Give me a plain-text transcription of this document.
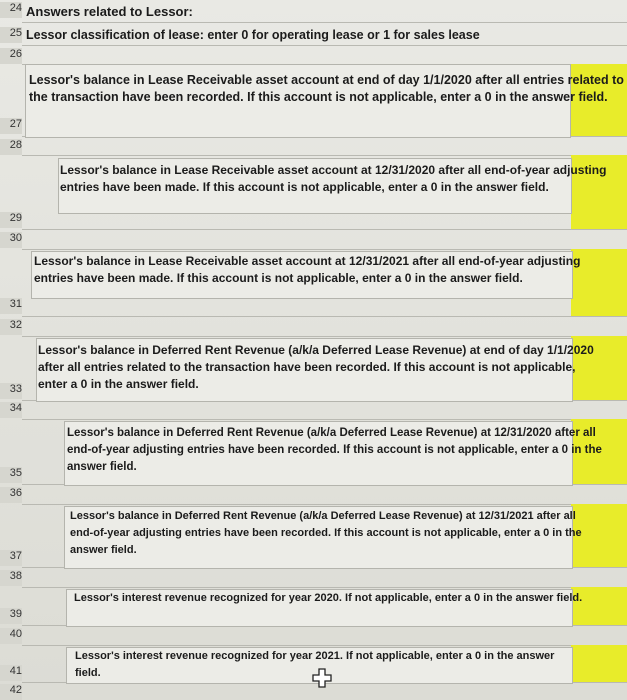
24
25
26
27
28
29
30
31
32
33
34
35
36
37
38
39
40
41
42
Answers related to Lessor:
Lessor classification of lease: enter 0 for operating lease or 1 for sales lease
Lessor's balance in Lease Receivable asset account at end of day 1/1/2020 after all entries related to the transaction have been recorded. If this account is not applicable, enter a 0 in the answer field.
Lessor's balance in Lease Receivable asset account at 12/31/2020 after all end-of-year adjusting entries have been made. If this account is not applicable, enter a 0 in the answer field.
Lessor's balance in Lease Receivable asset account at 12/31/2021 after all end-of-year adjusting entries have been made. If this account is not applicable, enter a 0 in the answer field.
Lessor's balance in Deferred Rent Revenue (a/k/a Deferred Lease Revenue) at end of day 1/1/2020 after all entries related to the transaction have been recorded. If this account is not applicable, enter a 0 in the answer field.
Lessor's balance in Deferred Rent Revenue (a/k/a Deferred Lease Revenue) at 12/31/2020 after all end-of-year adjusting entries have been recorded. If this account is not applicable, enter a 0 in the answer field.
Lessor's balance in Deferred Rent Revenue (a/k/a Deferred Lease Revenue) at 12/31/2021 after all end-of-year adjusting entries have been recorded. If this account is not applicable, enter a 0 in the answer field.
Lessor's interest revenue recognized for year 2020. If not applicable, enter a 0 in the answer field.
Lessor's interest revenue recognized for year 2021. If not applicable, enter a 0 in the answer field.
